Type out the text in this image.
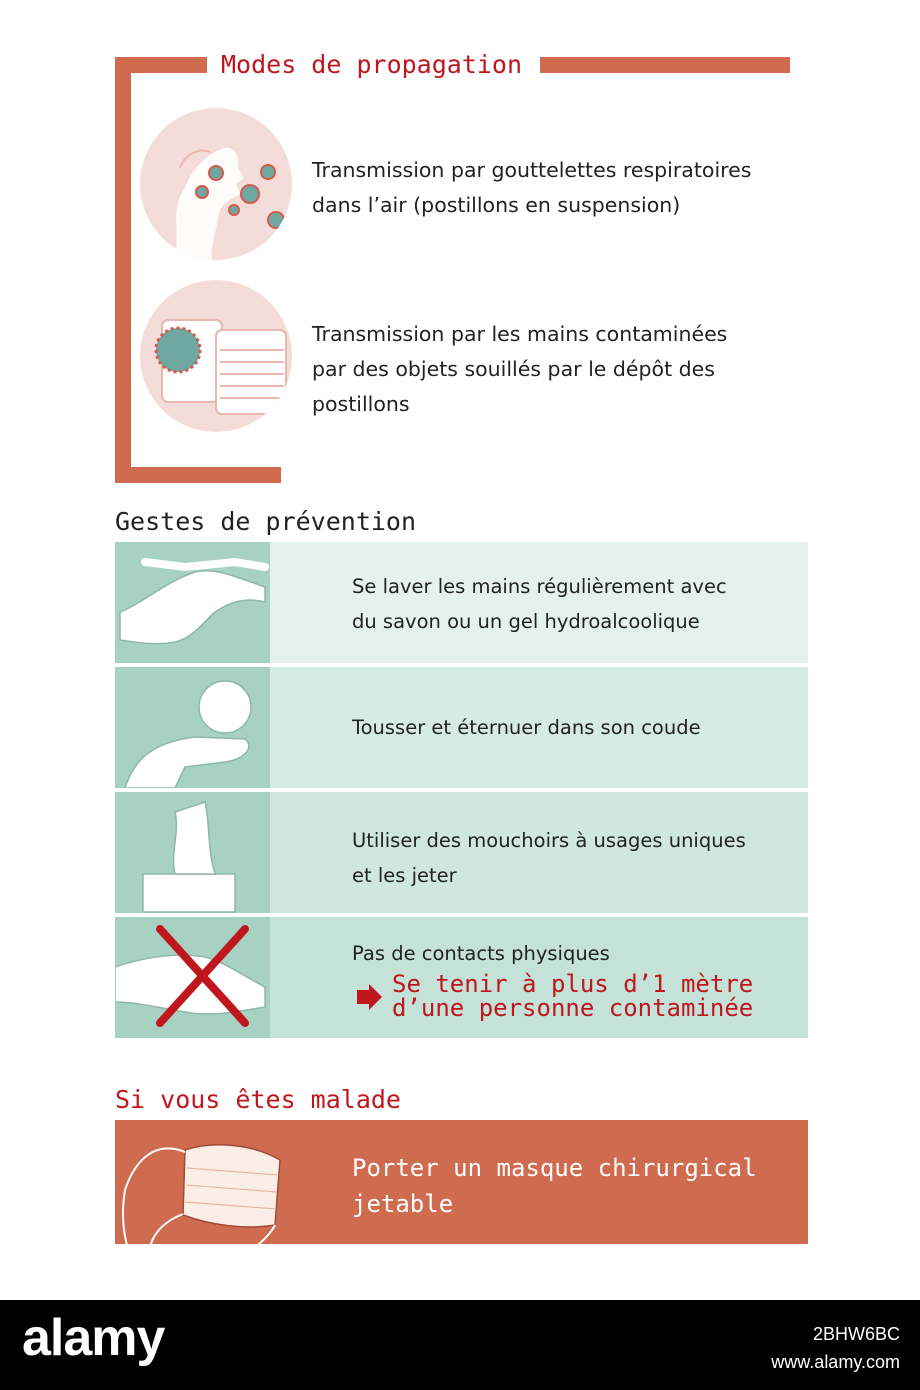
Modes de propagation
Transmission par gouttelettes respiratoires
dans l’air (postillons en suspension)
Transmission par les mains contaminées
par des objets souillés par le dépôt des
postillons
Gestes de prévention
Se laver les mains régulièrement avec
du savon ou un gel hydroalcoolique
Tousser et éternuer dans son coude
Utiliser des mouchoirs à usages uniques
et les jeter
Pas de contacts physiques
Se tenir à plus d’1 mètre
d’une personne contaminée
Si vous êtes malade
Porter un masque chirurgical
jetable
alamy	2BHW6BC
www.alamy.com
